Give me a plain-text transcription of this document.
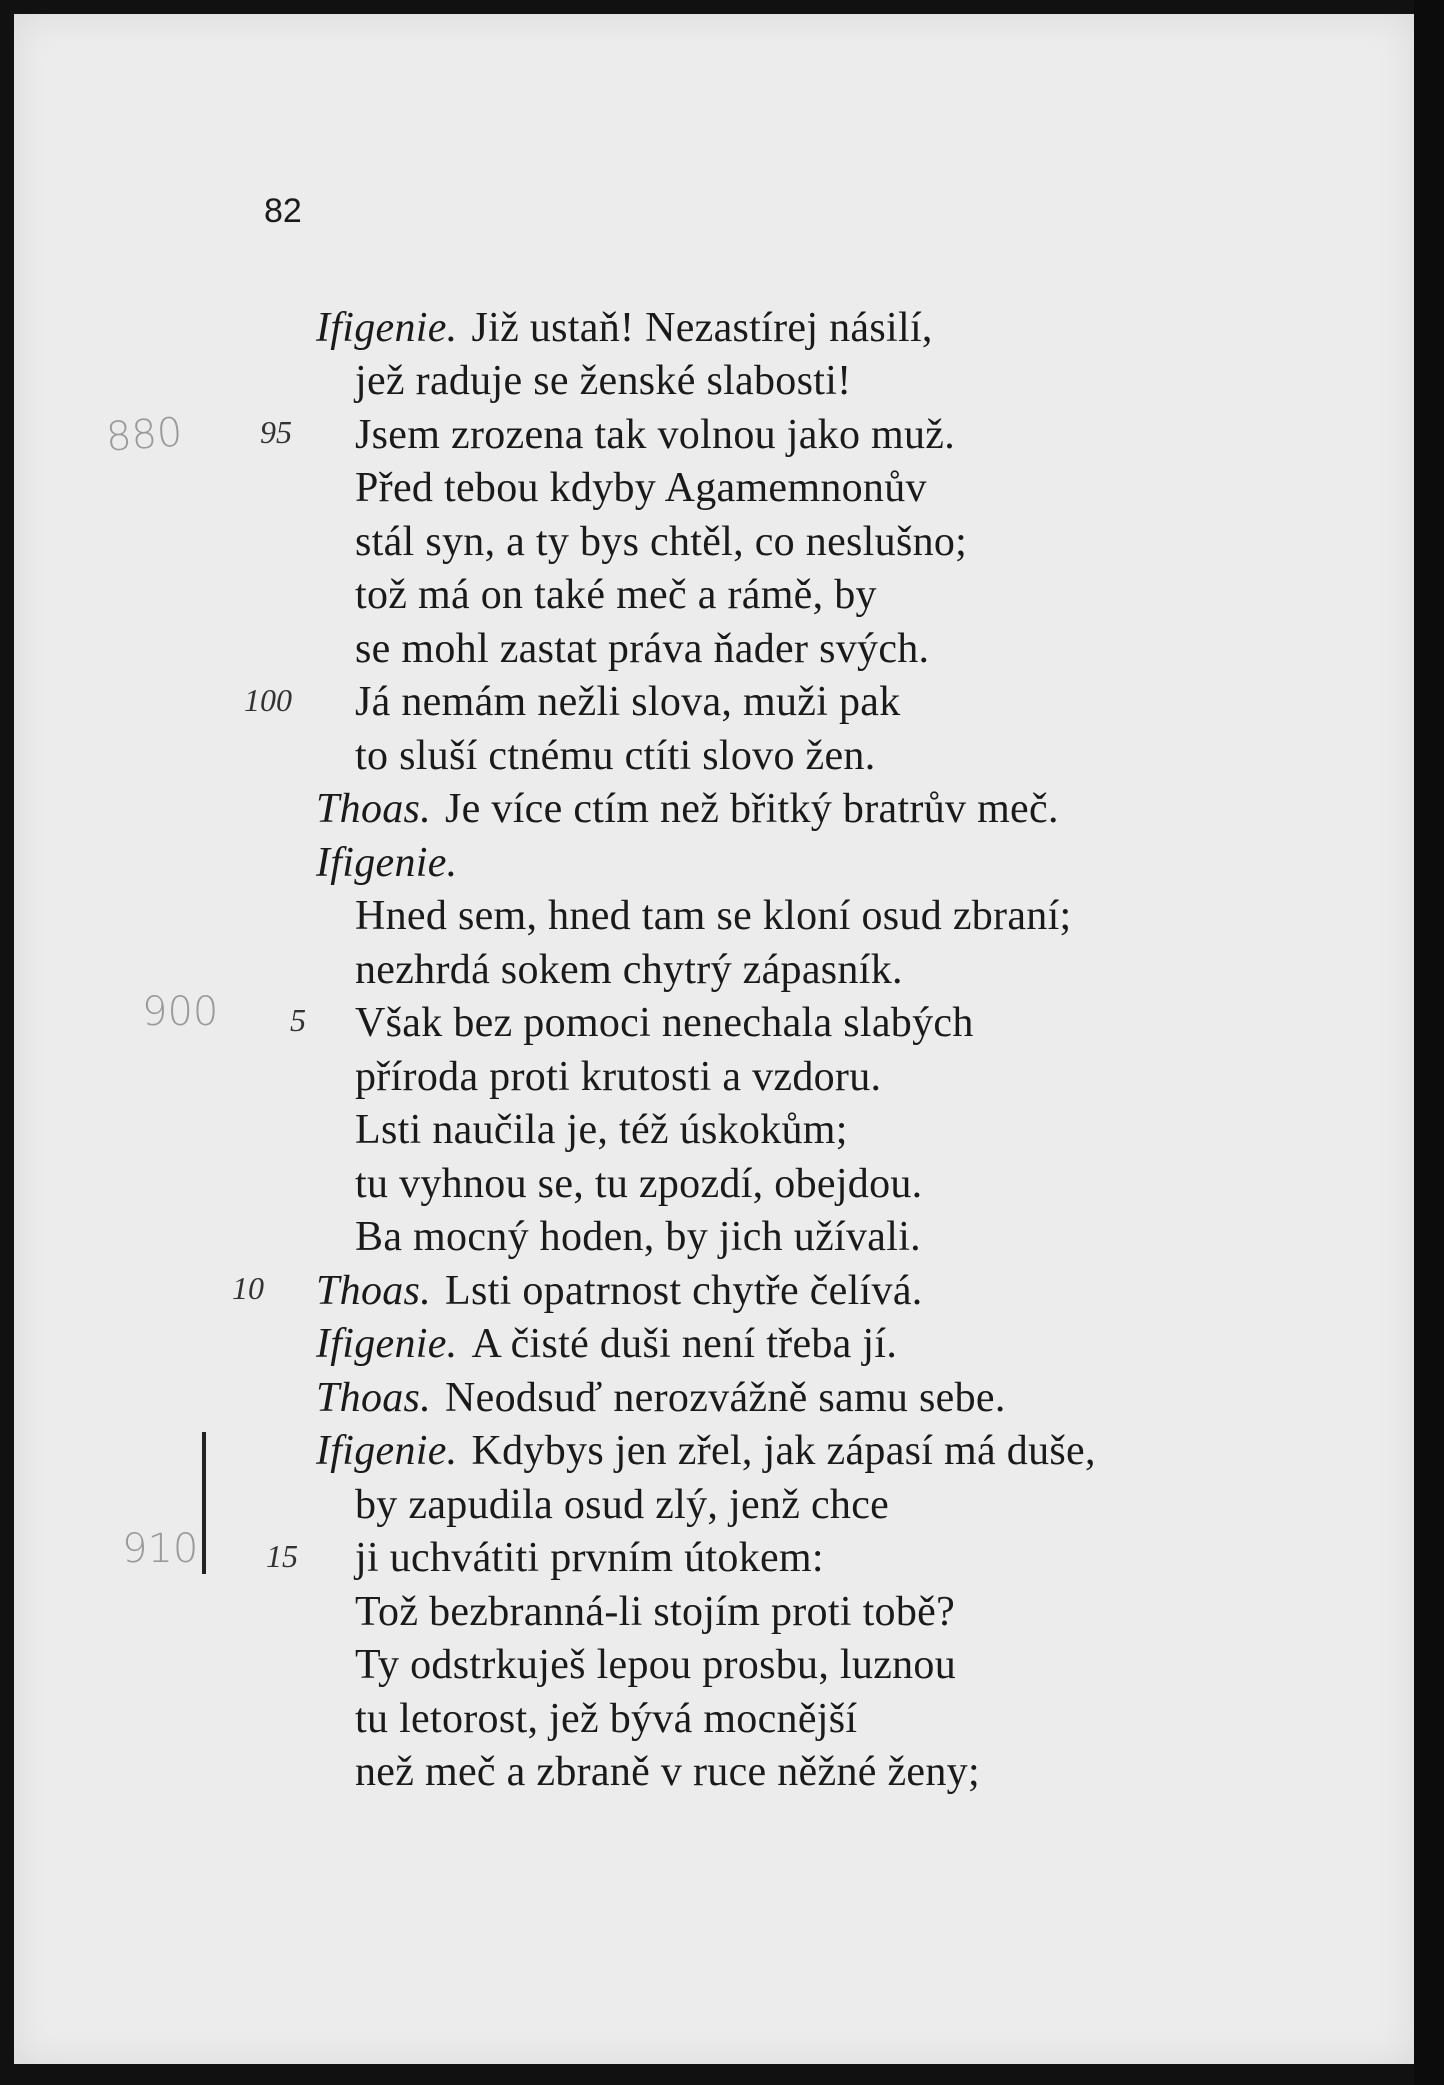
82
Ifigenie. Již ustaň! Nezastírej násilí,
jež raduje se ženské slabosti!
Jsem zrozena tak volnou jako muž.
Před tebou kdyby Agamemnonův
stál syn, a ty bys chtěl, co neslušno;
tož má on také meč a rámě, by
se mohl zastat práva ňader svých.
Já nemám nežli slova, muži pak
to sluší ctnému ctíti slovo žen.
Thoas. Je více ctím než břitký bratrův meč.
Ifigenie.
Hned sem, hned tam se kloní osud zbraní;
nezhrdá sokem chytrý zápasník.
Však bez pomoci nenechala slabých
příroda proti krutosti a vzdoru.
Lsti naučila je, též úskokům;
tu vyhnou se, tu zpozdí, obejdou.
Ba mocný hoden, by jich užívali.
Thoas. Lsti opatrnost chytře čelívá.
Ifigenie. A čisté duši není třeba jí.
Thoas. Neodsuď nerozvážně samu sebe.
Ifigenie. Kdybys jen zřel, jak zápasí má duše,
by zapudila osud zlý, jenž chce
ji uchvátiti prvním útokem:
Tož bezbranná-li stojím proti tobě?
Ty odstrkuješ lepou prosbu, luznou
tu letorost, jež bývá mocnější
než meč a zbraně v ruce něžné ženy;
95
100
5
10
15
880
900
910
